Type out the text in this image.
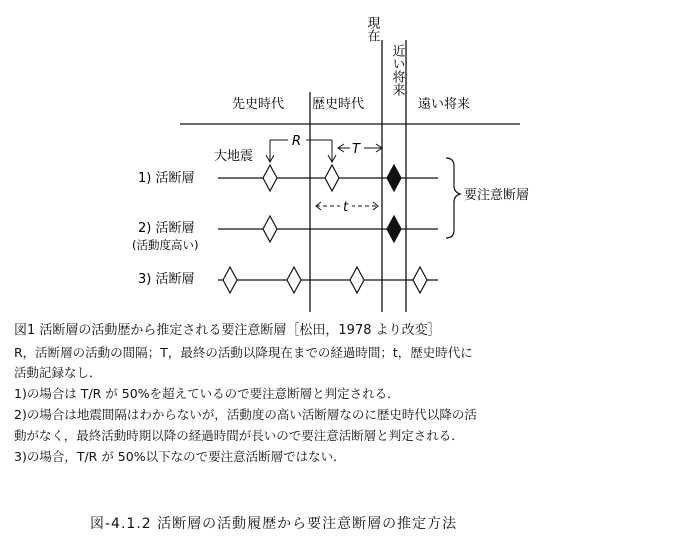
現在
近い将来
先史時代 歴史時代	遠い将来
R
T
大地震
1) 活断層
t
2) 活断層
(活動度高い)
要注意断層
3) 活断層
図1 活断層の活動歴から推定される要注意断層［松田，1978 より改変］
R，活断層の活動の間隔；T，最終の活動以降現在までの経過時間；t，歴史時代に
活動記録なし．
1)の場合は T/R が 50%を超えているので要注意断層と判定される．
2)の場合は地震間隔はわからないが，活動度の高い活断層なのに歴史時代以降の活
動がなく，最終活動時期以降の経過時間が長いので要注意活断層と判定される．
3)の場合，T/R が 50%以下なので要注意活断層ではない．
図-4.1.2 活断層の活動履歴から要注意断層の推定方法
